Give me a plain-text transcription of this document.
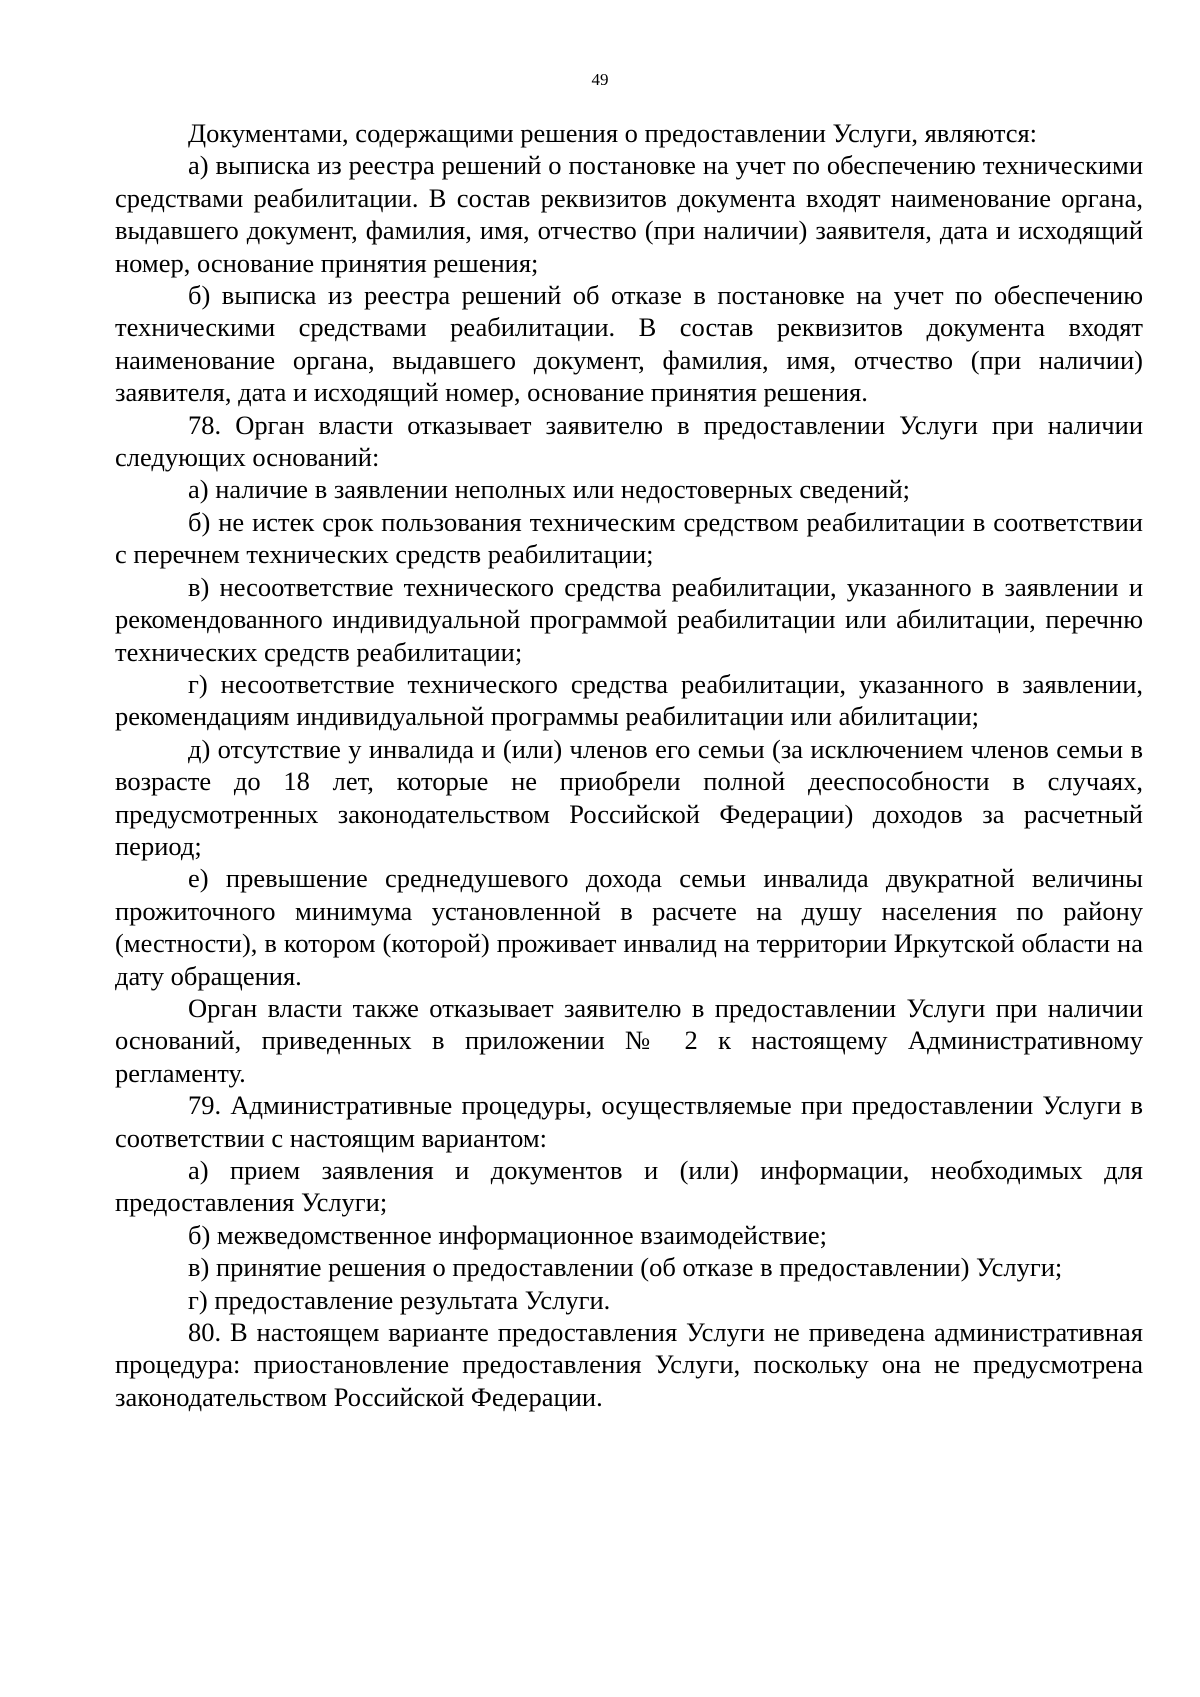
49

Документами, содержащими решения о предоставлении Услуги, являются:

а) выписка из реестра решений о постановке на учет по обеспечению техническими средствами реабилитации. В состав реквизитов документа входят наименование органа, выдавшего документ, фамилия, имя, отчество (при наличии) заявителя, дата и исходящий номер, основание принятия решения;

б) выписка из реестра решений об отказе в постановке на учет по обеспечению техническими средствами реабилитации. В состав реквизитов документа входят наименование органа, выдавшего документ, фамилия, имя, отчество (при наличии) заявителя, дата и исходящий номер, основание принятия решения.

78. Орган власти отказывает заявителю в предоставлении Услуги при наличии следующих оснований:

а) наличие в заявлении неполных или недостоверных сведений;

б) не истек срок пользования техническим средством реабилитации в соответствии с перечнем технических средств реабилитации;

в) несоответствие технического средства реабилитации, указанного в заявлении и рекомендованного индивидуальной программой реабилитации или абилитации, перечню технических средств реабилитации;

г) несоответствие технического средства реабилитации, указанного в заявлении, рекомендациям индивидуальной программы реабилитации или абилитации;

д) отсутствие у инвалида и (или) членов его семьи (за исключением членов семьи в возрасте до 18 лет, которые не приобрели полной дееспособности в случаях, предусмотренных законодательством Российской Федерации) доходов за расчетный период;

е) превышение среднедушевого дохода семьи инвалида двукратной величины прожиточного минимума установленной в расчете на душу населения по району (местности), в котором (которой) проживает инвалид на территории Иркутской области на дату обращения.

Орган власти также отказывает заявителю в предоставлении Услуги при наличии оснований, приведенных в приложении № 2 к настоящему Административному регламенту.

79. Административные процедуры, осуществляемые при предоставлении Услуги в соответствии с настоящим вариантом:

а) прием заявления и документов и (или) информации, необходимых для предоставления Услуги;

б) межведомственное информационное взаимодействие;

в) принятие решения о предоставлении (об отказе в предоставлении) Услуги;

г) предоставление результата Услуги.

80. В настоящем варианте предоставления Услуги не приведена административная процедура: приостановление предоставления Услуги, поскольку она не предусмотрена законодательством Российской Федерации.
